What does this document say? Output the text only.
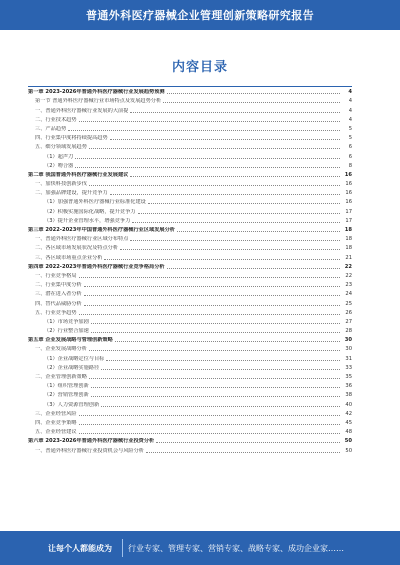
普通外科医疗器械企业管理创新策略研究报告
内容目录
第一章 2023-2026年普通外科医疗器械行业发展趋势预测	4
第一节 普通外科医疗器械行业市场特点及发展趋势分析	4
一、普通外科医疗器械行业发展的大前提	4
二、行业技术趋势	4
三、产品趋势	5
四、行业集中度将持续提高趋势	5
五、细分领域发展趋势	6
（1）超声刀	6
（2）吻合器	8
第二章 我国普通外科医疗器械行业发展建议	16
一、加快科技创新步伐	16
二、加强品牌建设，提升竞争力	16
（1）加强普通外科医疗器械行业标准化建设	16
（2）积极实施国际化战略，提升竞争力	17
（3）提升企业管理水平，增强竞争力	17
第三章 2022-2023年中国普通外科医疗器械行业区域发展分析	18
一、普通外科医疗器械行业区域分布特点	18
二、各区域市场发展状况及特点分析	18
三、各区域市场重点企业分析	21
第四章 2022-2023年普通外科医疗器械行业竞争格局分析	22
一、行业竞争格局	22
二、行业集中度分析	23
三、潜在进入者分析	24
四、替代品威胁分析	25
五、行业竞争趋势	26
（1）市场竞争加剧	27
（2）行业整合加速	28
第五章 企业发展战略与管理创新策略	30
一、企业发展战略分析	30
（1）企业战略定位与目标	31
（2）企业战略实施路径	33
二、企业管理创新策略	35
（1）组织管理创新	36
（2）营销管理创新	38
（3）人力资源管理创新	40
三、企业经营风险	42
四、企业竞争策略	45
五、企业经营建议	48
第六章 2023-2026年普通外科医疗器械行业投资分析	50
一、普通外科医疗器械行业投资机会与风险分析	50
让每个人都能成为 行业专家、管理专家、营销专家、战略专家、成功企业家……
